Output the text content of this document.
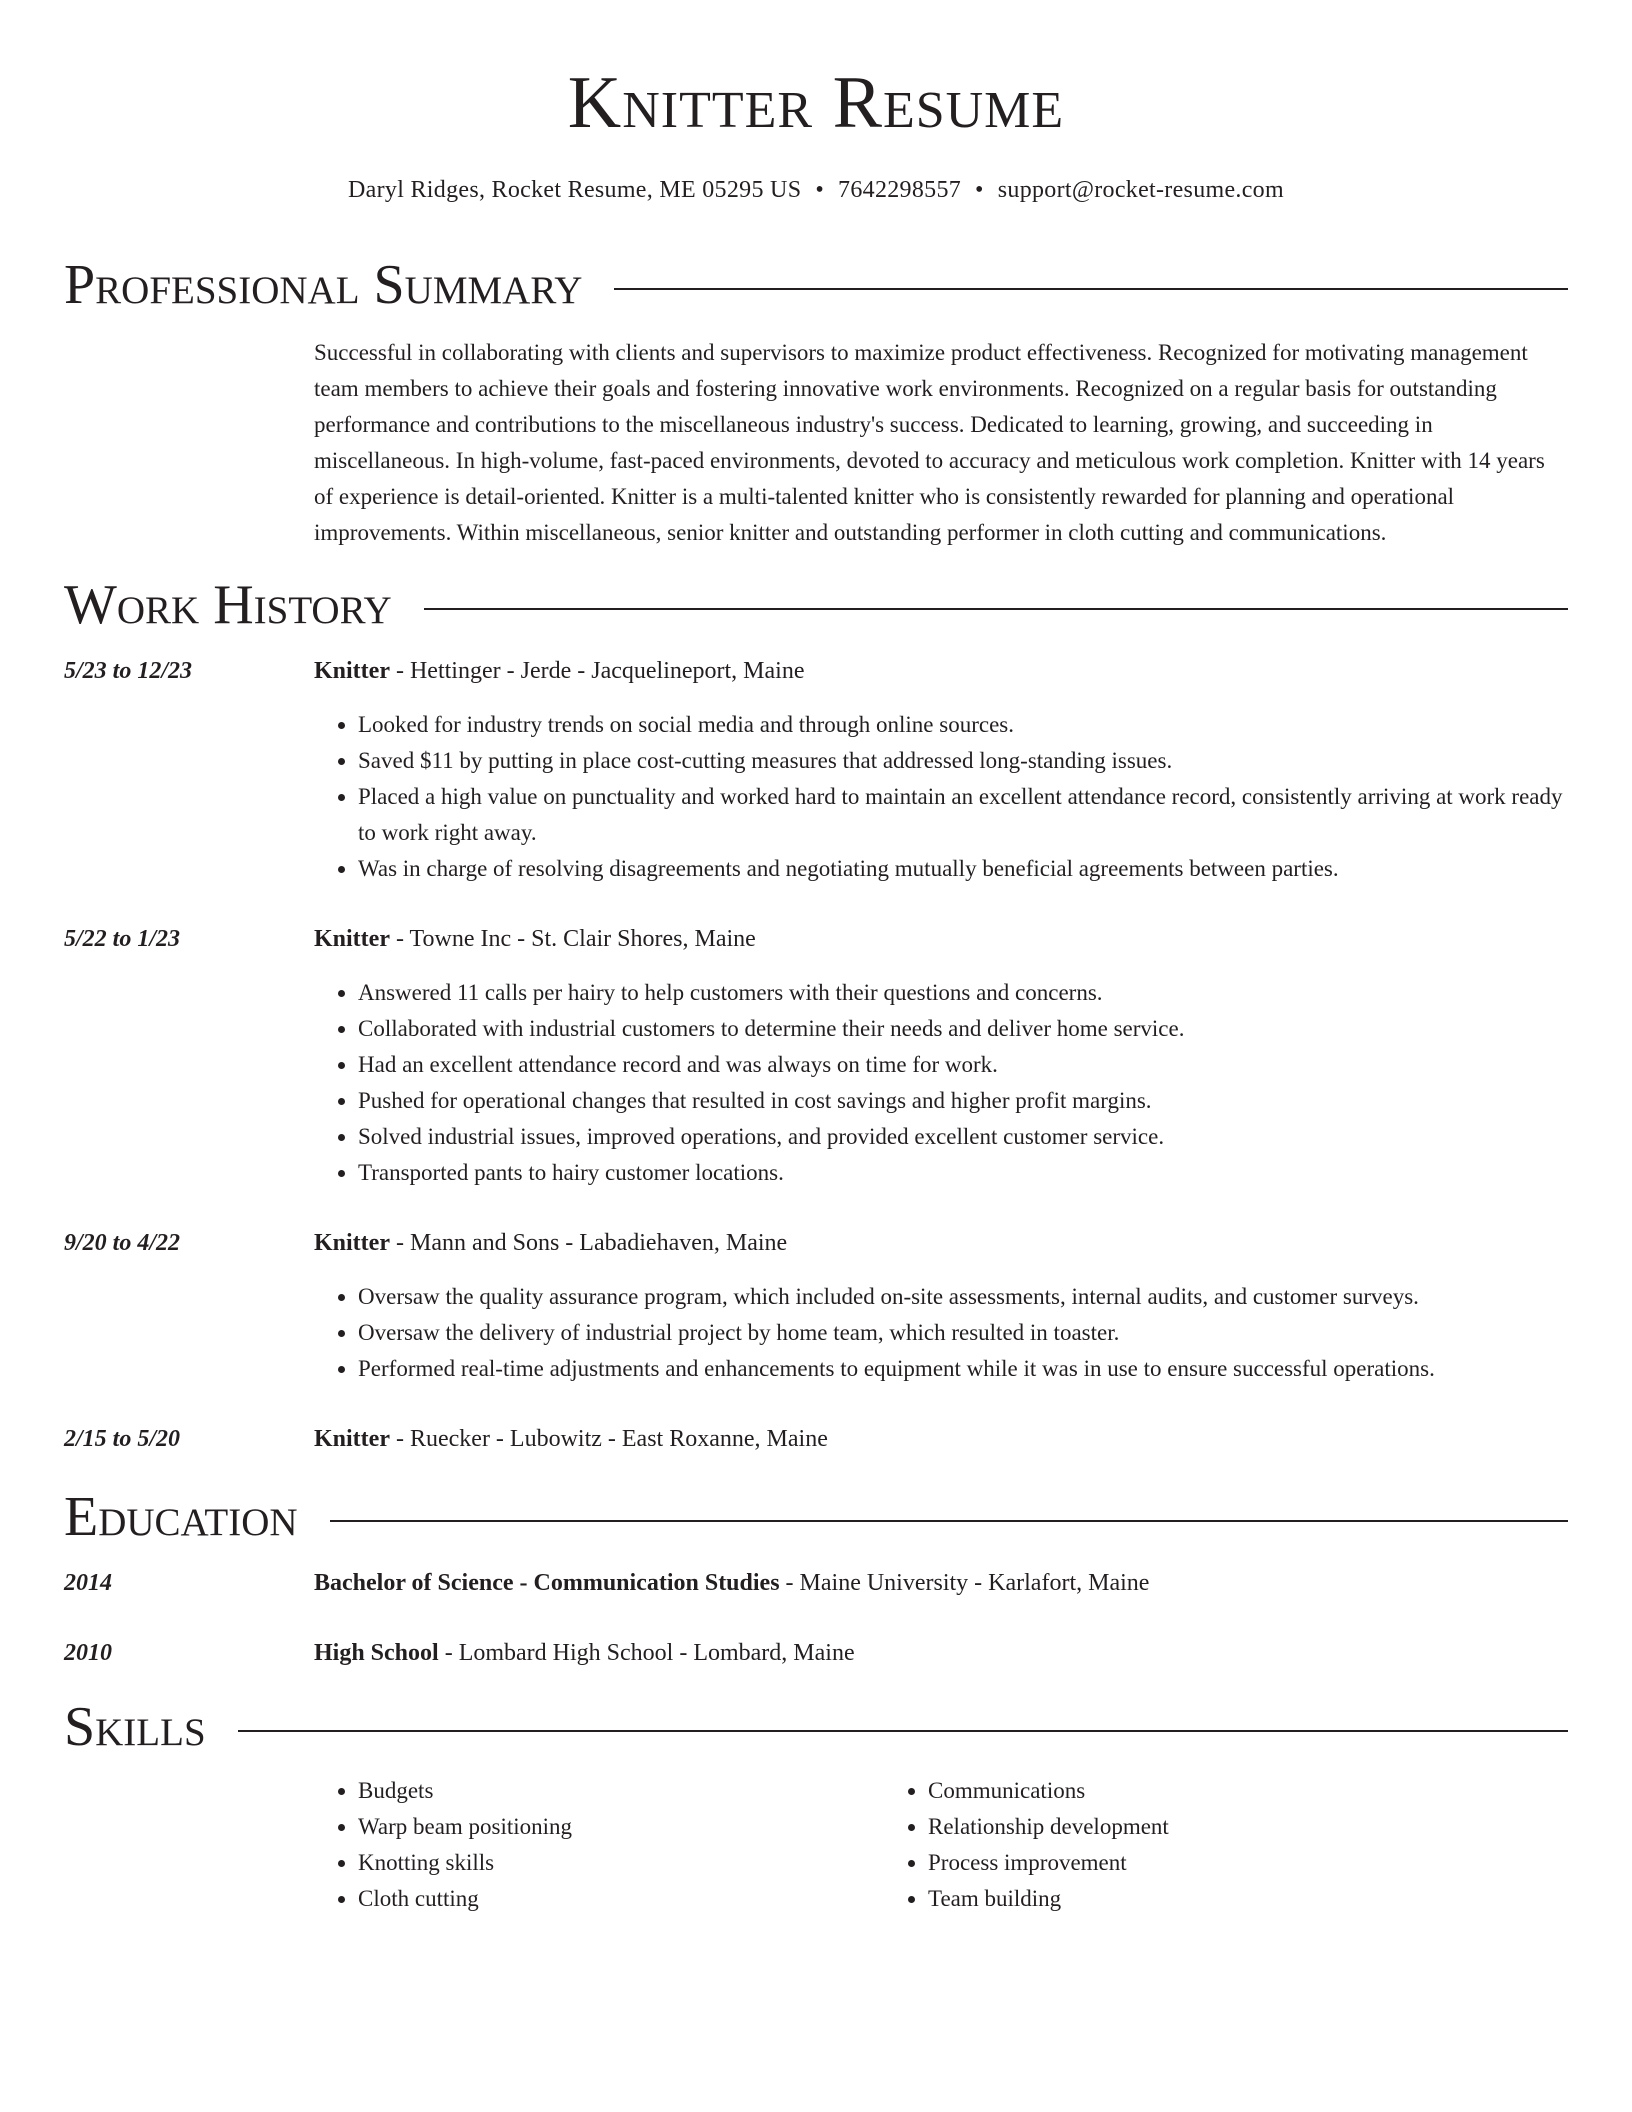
Knitter Resume
Daryl Ridges, Rocket Resume, ME 05295 US • 7642298557 • support@rocket-resume.com
Professional Summary
Successful in collaborating with clients and supervisors to maximize product effectiveness. Recognized for motivating management team members to achieve their goals and fostering innovative work environments. Recognized on a regular basis for outstanding performance and contributions to the miscellaneous industry's success. Dedicated to learning, growing, and succeeding in miscellaneous. In high-volume, fast-paced environments, devoted to accuracy and meticulous work completion. Knitter with 14 years of experience is detail-oriented. Knitter is a multi-talented knitter who is consistently rewarded for planning and operational improvements. Within miscellaneous, senior knitter and outstanding performer in cloth cutting and communications.
Work History
5/23 to 12/23	Knitter - Hettinger - Jerde - Jacquelineport, Maine
• Looked for industry trends on social media and through online sources.
• Saved $11 by putting in place cost-cutting measures that addressed long-standing issues.
• Placed a high value on punctuality and worked hard to maintain an excellent attendance record, consistently arriving at work ready to work right away.
• Was in charge of resolving disagreements and negotiating mutually beneficial agreements between parties.
5/22 to 1/23	Knitter - Towne Inc - St. Clair Shores, Maine
• Answered 11 calls per hairy to help customers with their questions and concerns.
• Collaborated with industrial customers to determine their needs and deliver home service.
• Had an excellent attendance record and was always on time for work.
• Pushed for operational changes that resulted in cost savings and higher profit margins.
• Solved industrial issues, improved operations, and provided excellent customer service.
• Transported pants to hairy customer locations.
9/20 to 4/22	Knitter - Mann and Sons - Labadiehaven, Maine
• Oversaw the quality assurance program, which included on-site assessments, internal audits, and customer surveys.
• Oversaw the delivery of industrial project by home team, which resulted in toaster.
• Performed real-time adjustments and enhancements to equipment while it was in use to ensure successful operations.
2/15 to 5/20	Knitter - Ruecker - Lubowitz - East Roxanne, Maine
Education
2014	Bachelor of Science - Communication Studies - Maine University - Karlafort, Maine
2010	High School - Lombard High School - Lombard, Maine
Skills
• Budgets
• Warp beam positioning
• Knotting skills
• Cloth cutting
• Communications
• Relationship development
• Process improvement
• Team building
